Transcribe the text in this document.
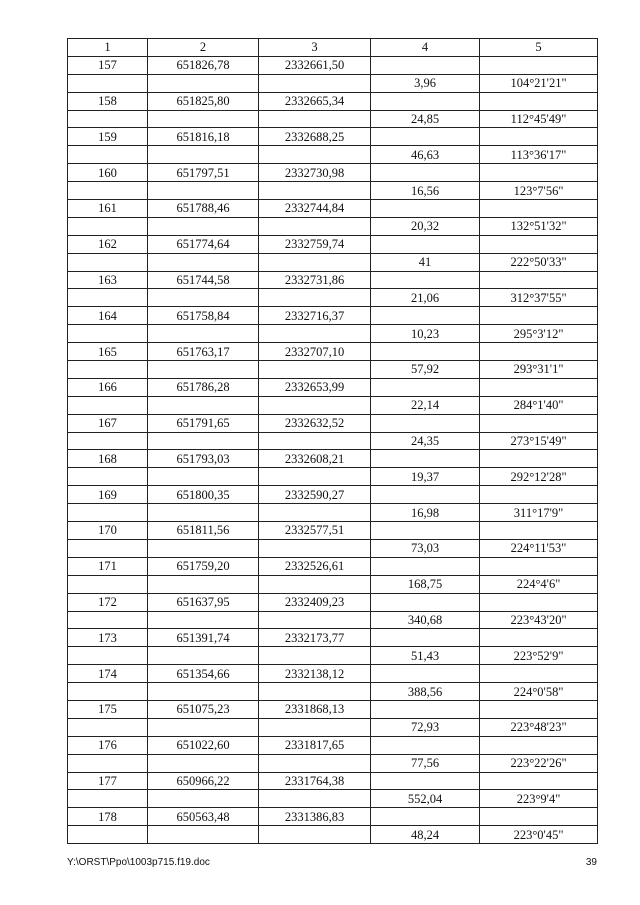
1	2	3	4	5
157	651826,78	2332661,50		
			3,96	104°21'21"
158	651825,80	2332665,34		
			24,85	112°45'49"
159	651816,18	2332688,25		
			46,63	113°36'17"
160	651797,51	2332730,98		
			16,56	123°7'56"
161	651788,46	2332744,84		
			20,32	132°51'32"
162	651774,64	2332759,74		
			41	222°50'33"
163	651744,58	2332731,86		
			21,06	312°37'55"
164	651758,84	2332716,37		
			10,23	295°3'12"
165	651763,17	2332707,10		
			57,92	293°31'1"
166	651786,28	2332653,99		
			22,14	284°1'40"
167	651791,65	2332632,52		
			24,35	273°15'49"
168	651793,03	2332608,21		
			19,37	292°12'28"
169	651800,35	2332590,27		
			16,98	311°17'9"
170	651811,56	2332577,51		
			73,03	224°11'53"
171	651759,20	2332526,61		
			168,75	224°4'6"
172	651637,95	2332409,23		
			340,68	223°43'20"
173	651391,74	2332173,77		
			51,43	223°52'9"
174	651354,66	2332138,12		
			388,56	224°0'58"
175	651075,23	2331868,13		
			72,93	223°48'23"
176	651022,60	2331817,65		
			77,56	223°22'26"
177	650966,22	2331764,38		
			552,04	223°9'4"
178	650563,48	2331386,83		
			48,24	223°0'45"
Y:\ORST\Ppo\1003p715.f19.doc	39
